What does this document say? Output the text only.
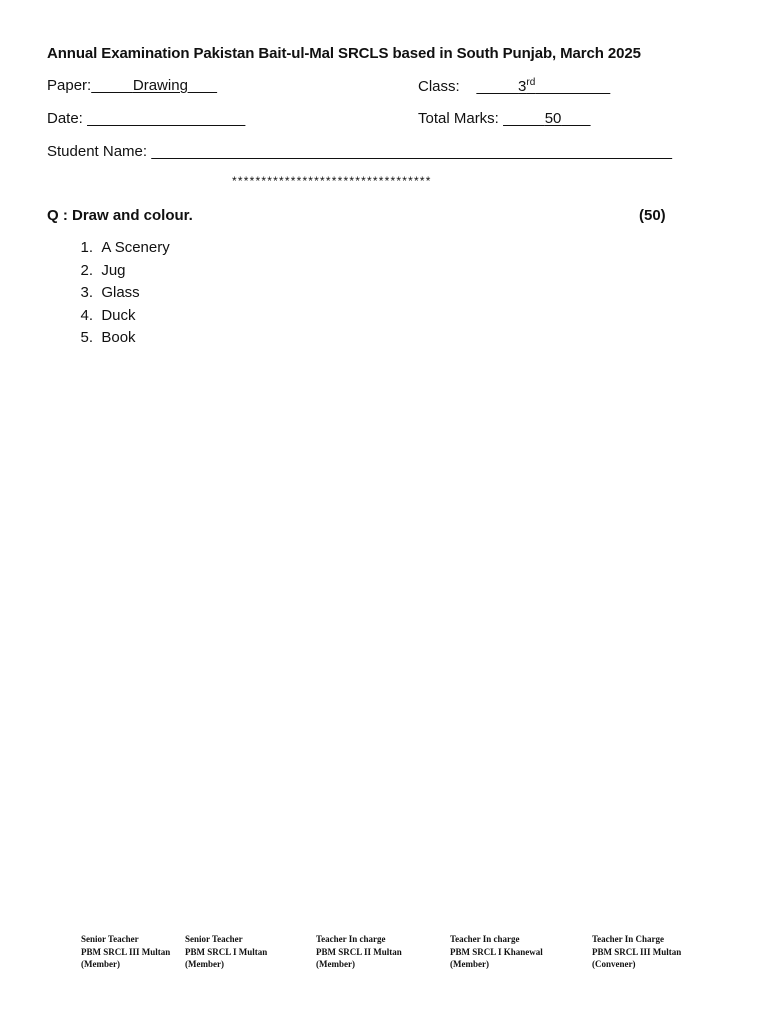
Annual Examination Pakistan Bait-ul-Mal SRCLS based in South Punjab, March 2025
Paper:	Drawing	Class:	3rd
Date:	Total Marks:	50
Student Name:
**********************************
Q : Draw and colour.	(50)
1. A Scenery
2. Jug
3. Glass
4. Duck
5. Book
Senior Teacher
PBM SRCL III Multan
(Member)
Senior Teacher
PBM SRCL I Multan
(Member)
Teacher In charge
PBM SRCL II Multan
(Member)
Teacher In charge
PBM SRCL I Khanewal
(Member)
Teacher In Charge
PBM SRCL III Multan
(Convener)
